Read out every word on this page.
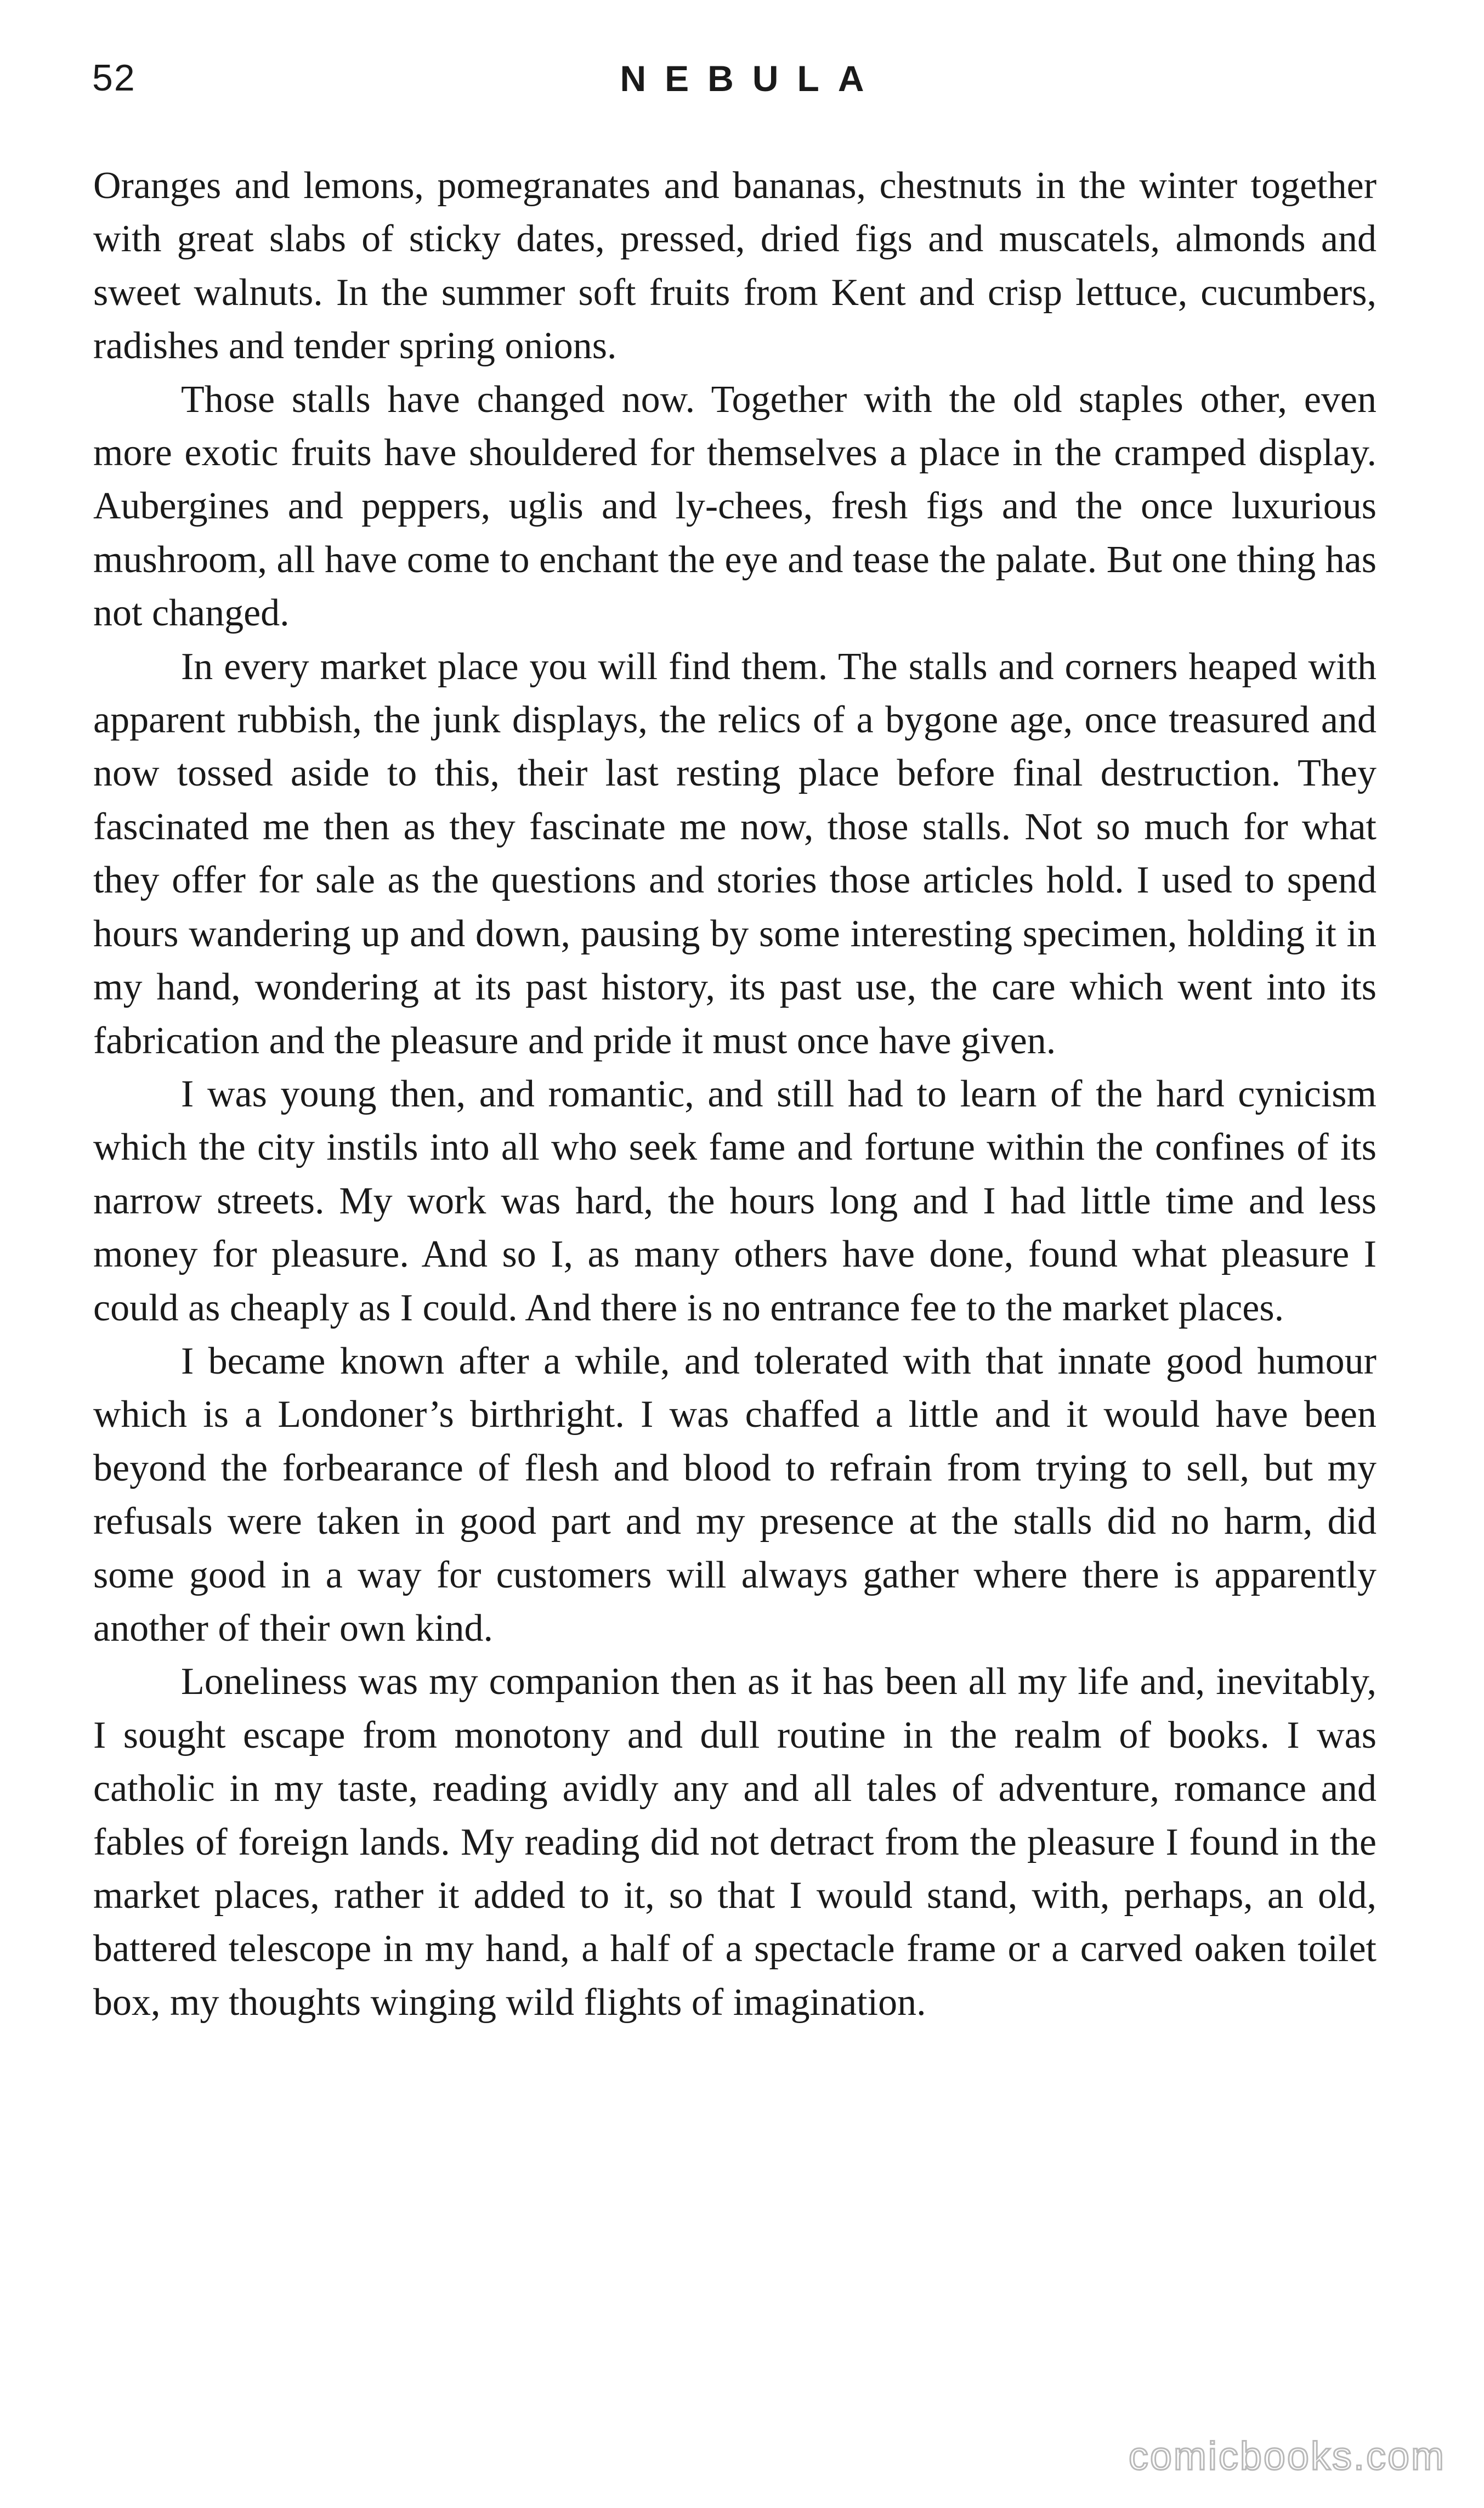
52	NEBULA

Oranges and lemons, pomegranates and bananas, chestnuts in the winter together with great slabs of sticky dates, pressed, dried figs and muscatels, almonds and sweet walnuts. In the summer soft fruits from Kent and crisp lettuce, cucumbers, radishes and tender spring onions.

Those stalls have changed now. Together with the old staples other, even more exotic fruits have shouldered for themselves a place in the cramped display. Aubergines and peppers, uglis and ly-chees, fresh figs and the once luxurious mushroom, all have come to enchant the eye and tease the palate. But one thing has not changed.

In every market place you will find them. The stalls and corners heaped with apparent rubbish, the junk displays, the relics of a bygone age, once treasured and now tossed aside to this, their last resting place before final destruction. They fascinated me then as they fascinate me now, those stalls. Not so much for what they offer for sale as the questions and stories those articles hold. I used to spend hours wandering up and down, pausing by some interesting specimen, holding it in my hand, wondering at its past history, its past use, the care which went into its fabrication and the pleasure and pride it must once have given.

I was young then, and romantic, and still had to learn of the hard cynicism which the city instils into all who seek fame and fortune within the confines of its narrow streets. My work was hard, the hours long and I had little time and less money for pleasure. And so I, as many others have done, found what pleasure I could as cheaply as I could. And there is no entrance fee to the market places.

I became known after a while, and tolerated with that innate good humour which is a Londoner’s birthright. I was chaffed a little and it would have been beyond the forbearance of flesh and blood to refrain from trying to sell, but my refusals were taken in good part and my presence at the stalls did no harm, did some good in a way for customers will always gather where there is apparently another of their own kind.

Loneliness was my companion then as it has been all my life and, inevitably, I sought escape from monotony and dull routine in the realm of books. I was catholic in my taste, reading avidly any and all tales of adventure, romance and fables of foreign lands. My reading did not detract from the pleasure I found in the market places, rather it added to it, so that I would stand, with, perhaps, an old, battered telescope in my hand, a half of a spectacle frame or a carved oaken toilet box, my thoughts winging wild flights of imagination.

comicbooks.com
